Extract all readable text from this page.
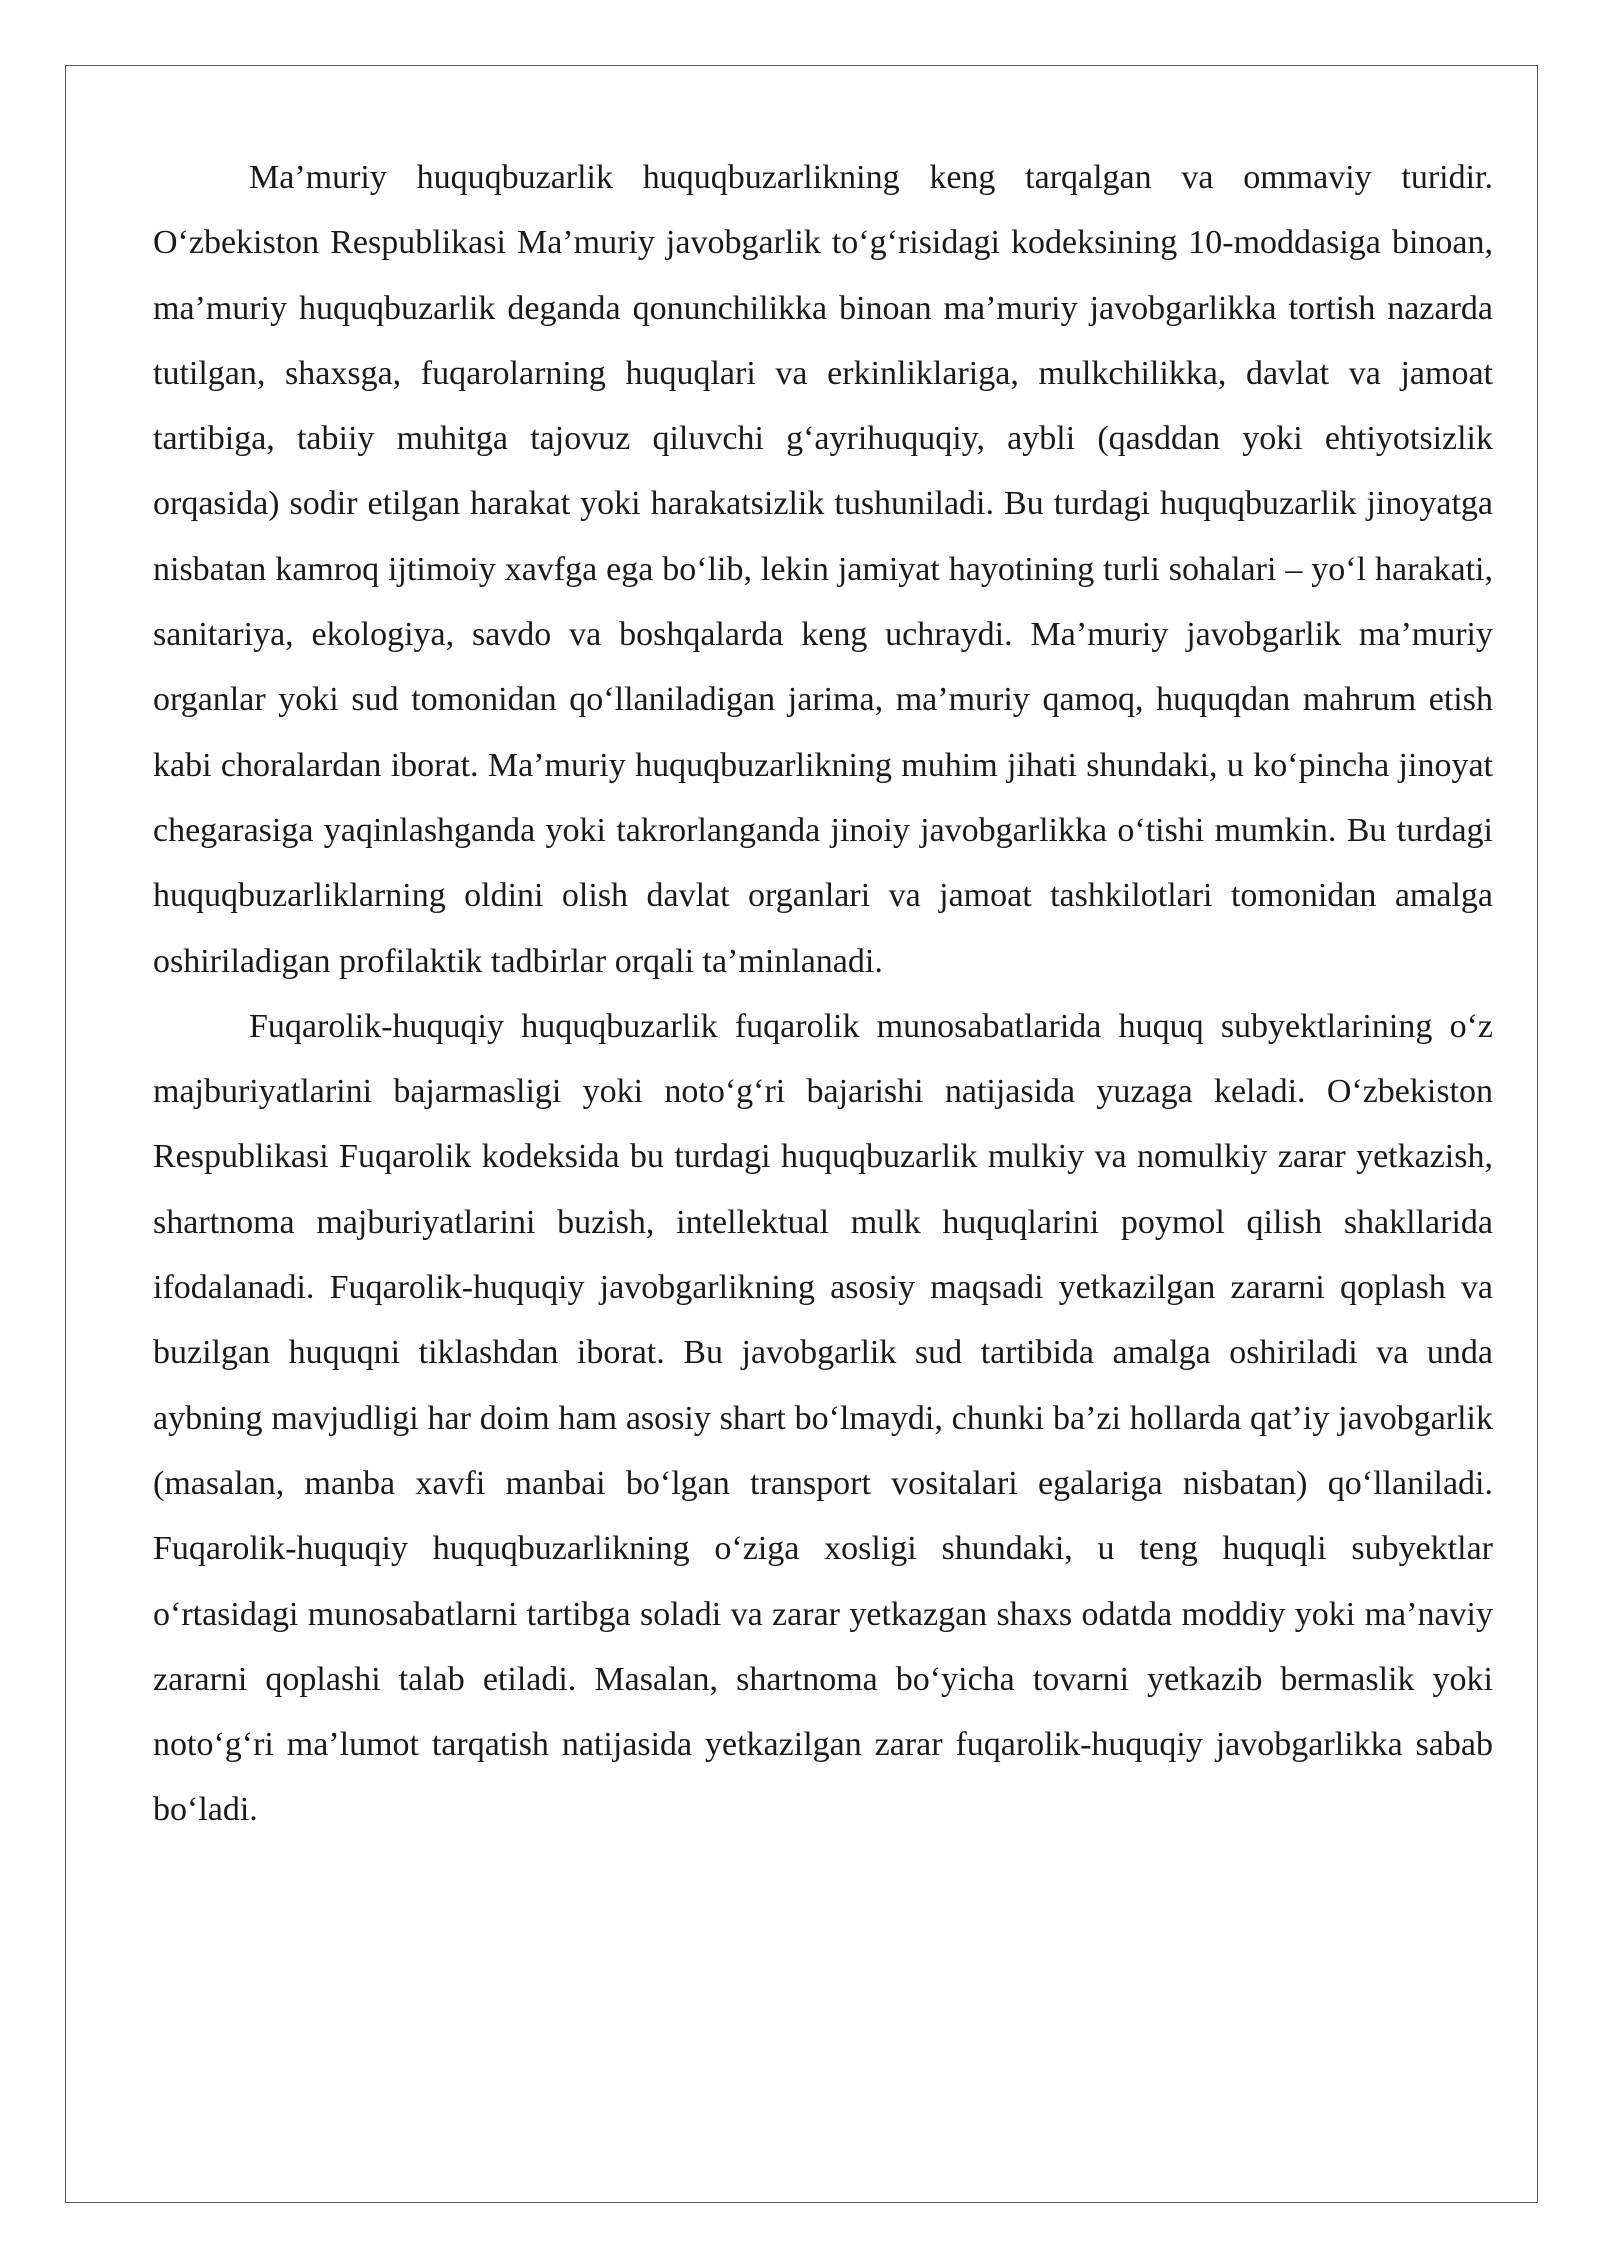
Ma’muriy huquqbuzarlik huquqbuzarlikning keng tarqalgan va ommaviy turidir. O‘zbekiston Respublikasi Ma’muriy javobgarlik to‘g‘risidagi kodeksining 10-moddasiga binoan, ma’muriy huquqbuzarlik deganda qonunchilikka binoan ma’muriy javobgarlikka tortish nazarda tutilgan, shaxsga, fuqarolarning huquqlari va erkinliklariga, mulkchilikka, davlat va jamoat tartibiga, tabiiy muhitga tajovuz qiluvchi g‘ayrihuquqiy, aybli (qasddan yoki ehtiyotsizlik orqasida) sodir etilgan harakat yoki harakatsizlik tushuniladi. Bu turdagi huquqbuzarlik jinoyatga nisbatan kamroq ijtimoiy xavfga ega bo‘lib, lekin jamiyat hayotining turli sohalari – yo‘l harakati, sanitariya, ekologiya, savdo va boshqalarda keng uchraydi. Ma’muriy javobgarlik ma’muriy organlar yoki sud tomonidan qo‘llaniladigan jarima, ma’muriy qamoq, huquqdan mahrum etish kabi choralardan iborat. Ma’muriy huquqbuzarlikning muhim jihati shundaki, u ko‘pincha jinoyat chegarasiga yaqinlashganda yoki takrorlanganda jinoiy javobgarlikka o‘tishi mumkin. Bu turdagi huquqbuzarliklarning oldini olish davlat organlari va jamoat tashkilotlari tomonidan amalga oshiriladigan profilaktik tadbirlar orqali ta’minlanadi.

Fuqarolik-huquqiy huquqbuzarlik fuqarolik munosabatlarida huquq subyektlarining o‘z majburiyatlarini bajarmasligi yoki noto‘g‘ri bajarishi natijasida yuzaga keladi. O‘zbekiston Respublikasi Fuqarolik kodeksida bu turdagi huquqbuzarlik mulkiy va nomulkiy zarar yetkazish, shartnoma majburiyatlarini buzish, intellektual mulk huquqlarini poymol qilish shakllarida ifodalanadi. Fuqarolik-huquqiy javobgarlikning asosiy maqsadi yetkazilgan zararni qoplash va buzilgan huquqni tiklashdan iborat. Bu javobgarlik sud tartibida amalga oshiriladi va unda aybning mavjudligi har doim ham asosiy shart bo‘lmaydi, chunki ba’zi hollarda qat’iy javobgarlik (masalan, manba xavfi manbai bo‘lgan transport vositalari egalariga nisbatan) qo‘llaniladi. Fuqarolik-huquqiy huquqbuzarlikning o‘ziga xosligi shundaki, u teng huquqli subyektlar o‘rtasidagi munosabatlarni tartibga soladi va zarar yetkazgan shaxs odatda moddiy yoki ma’naviy zararni qoplashi talab etiladi. Masalan, shartnoma bo‘yicha tovarni yetkazib bermaslik yoki noto‘g‘ri ma’lumot tarqatish natijasida yetkazilgan zarar fuqarolik-huquqiy javobgarlikka sabab bo‘ladi.
